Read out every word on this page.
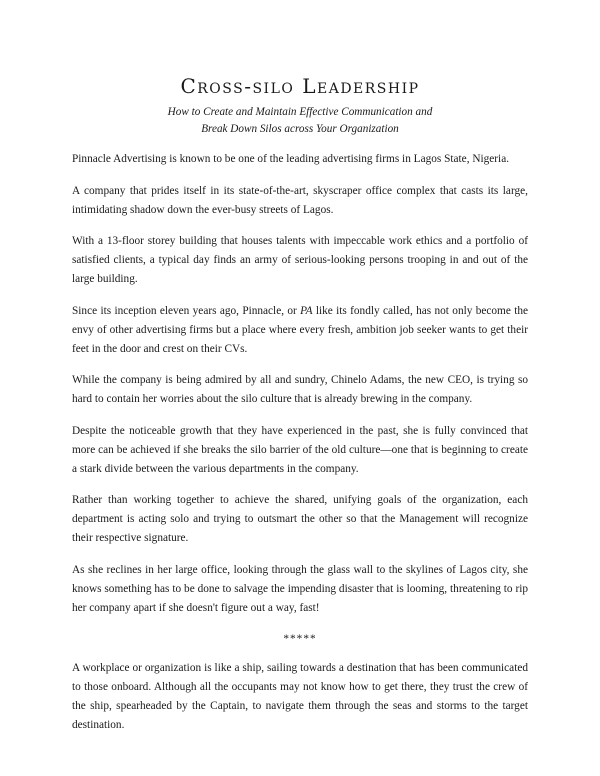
Cross-silo Leadership
How to Create and Maintain Effective Communication and
Break Down Silos across Your Organization

Pinnacle Advertising is known to be one of the leading advertising firms in Lagos State, Nigeria.

A company that prides itself in its state-of-the-art, skyscraper office complex that casts its large, intimidating shadow down the ever-busy streets of Lagos.

With a 13-floor storey building that houses talents with impeccable work ethics and a portfolio of satisfied clients, a typical day finds an army of serious-looking persons trooping in and out of the large building.

Since its inception eleven years ago, Pinnacle, or PA like its fondly called, has not only become the envy of other advertising firms but a place where every fresh, ambition job seeker wants to get their feet in the door and crest on their CVs.

While the company is being admired by all and sundry, Chinelo Adams, the new CEO, is trying so hard to contain her worries about the silo culture that is already brewing in the company.

Despite the noticeable growth that they have experienced in the past, she is fully convinced that more can be achieved if she breaks the silo barrier of the old culture—one that is beginning to create a stark divide between the various departments in the company.

Rather than working together to achieve the shared, unifying goals of the organization, each department is acting solo and trying to outsmart the other so that the Management will recognize their respective signature.

As she reclines in her large office, looking through the glass wall to the skylines of Lagos city, she knows something has to be done to salvage the impending disaster that is looming, threatening to rip her company apart if she doesn't figure out a way, fast!

*****

A workplace or organization is like a ship, sailing towards a destination that has been communicated to those onboard. Although all the occupants may not know how to get there, they trust the crew of the ship, spearheaded by the Captain, to navigate them through the seas and storms to the target destination.
